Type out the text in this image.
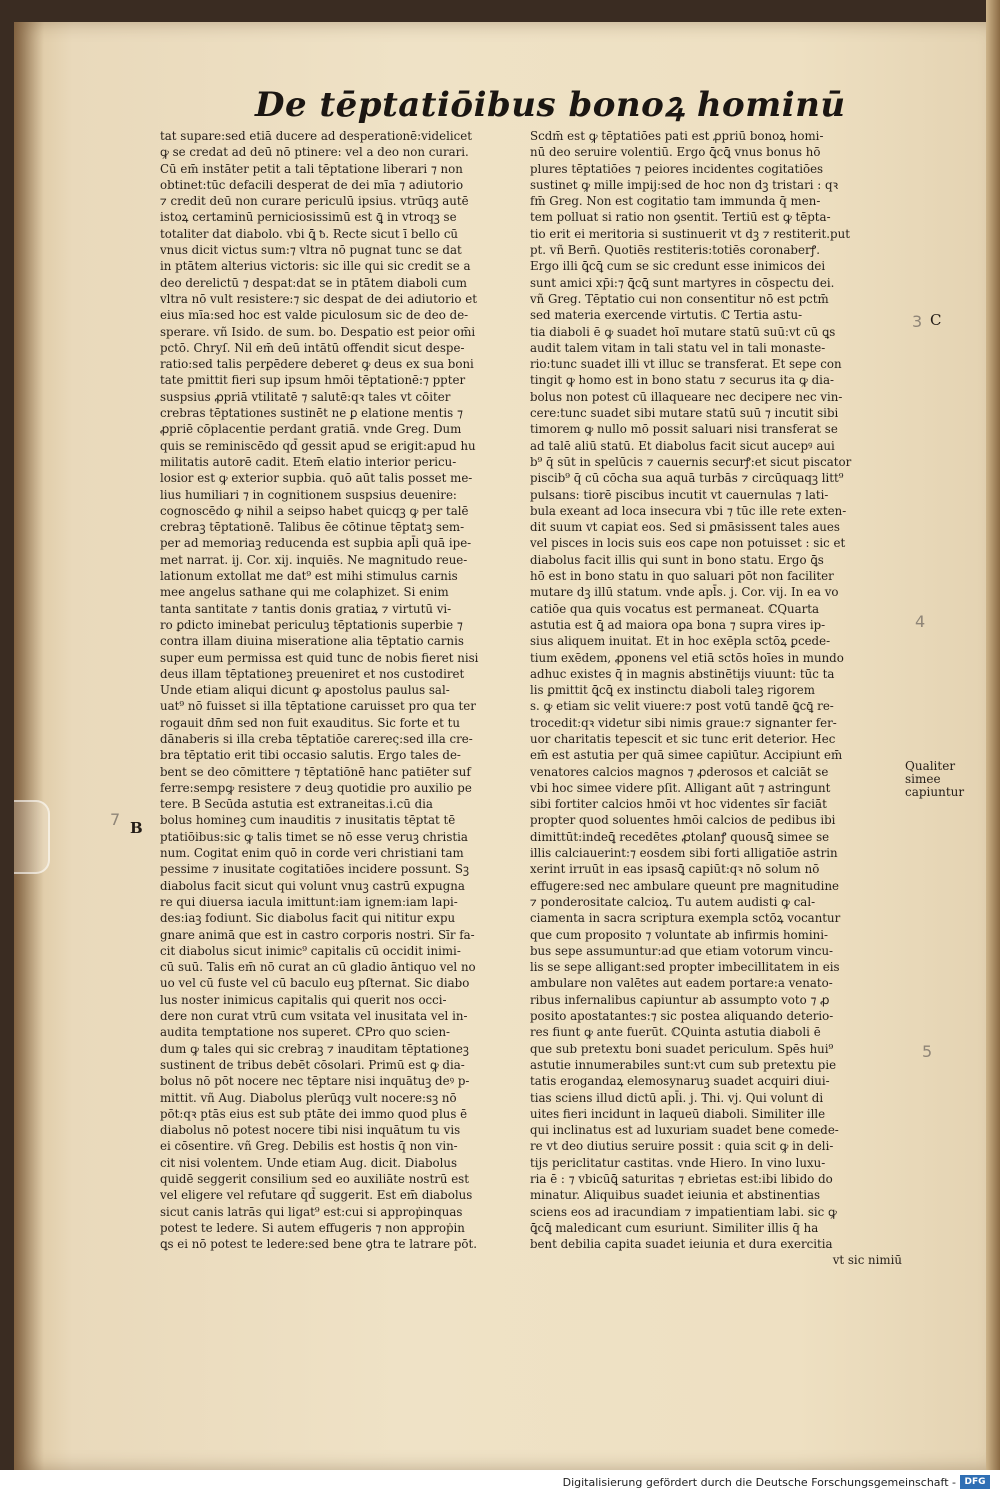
De tēptatiōibus bonoꝝ hominū
tat supare:sed etiā ducere ad desperationē:videlicet
ꝙ se credat ad deū nō ptinere: vel a deo non curari.
Cū em̄ instāter petit a tali tēptatione liberari ⁊ non
obtinet:tūc defacili desperat de dei mīa ⁊ adiutorio
⁊ credit deū non curare periculū ipsius. vtrūqꝫ autē
istoꝝ certaminū perniciosissimū est ꝗ̄ in vtroqꝫ se
totaliter dat diabolo. vbi ꝗ̄ ᵬ. Recte sicut ī bello cū
vnus dicit victus sum:⁊ vltra nō pugnat tunc se dat
in ptātem alterius victoris: sic ille qui sic credit se a
deo derelictū ⁊ despat:dat se in ptātem diaboli cum
vltra nō vult resistere:⁊ sic despat de dei adiutorio et
eius mīa:sed hoc est valde piculosum sic de deo de-
sperare. vñ Isido. de sum. bo. Desꝑatio est peior om̄i
pctō. Chryſ. Nil em̄ deū intātū offendit sicut despe-
ratio:sed talis perꝑēdere deberet ꝙ deus ex sua boni
tate pmittit fieri sup ipsum hmōi tēptationē:⁊ ppter
suspsius ꝓpriā vtilitatē ⁊ salutē:qꝛ tales vt cōiter
crebras tēptationes sustinēt ne ꝑ elatione mentis ⁊
ꝓpriē cōplacentie perdant gratiā. vnde Greg. Dum
quis se reminiscēdo qd̄ gessit apud se erigit:apud hu
militatis autorē cadit. Etem̄ elatio interior pericu-
losior est ꝙ exterior supbia. quō aūt talis posset me-
lius humiliari ⁊ in cognitionem suspsius deuenire:
cognoscēdo ꝙ nihil a seipso habet quicqꝫ ꝙ per talē
crebraꝫ tēptationē. Talibus ēe cōtinue tēptatꝫ sem-
per ad memoriaꝫ reducenda est supbia apl̄i quā ipe-
met narrat. ij. Cor. xij. inquiēs. Ne magnitudo reue-
lationum extollat me dat⁹ est mihi stimulus carnis
mee angelus sathane qui me colaphizet. Si enim
tanta santitate ⁊ tantis donis gratiaꝝ ⁊ virtutū vi-
ro ꝑdicto iminebat periculuꝫ tēptationis superbie ⁊
contra illam diuina miseratione alia tēptatio carnis
super eum permissa est quid tunc de nobis fieret nisi
deus illam tēptationeꝫ preueniret et nos custodiret
Unde etiam aliqui dicunt ꝙ apostolus paulus sal-
uat⁹ nō fuisset si illa tēptatione caruisset pro qua ter
rogauit dn̄m sed non fuit exauditus. Sic forte et tu
dānaberis si illa creba tēptatiōe carereς:sed illa cre-
bra tēptatio erit tibi occasio salutis. Ergo tales de-
bent se deo cōmittere ⁊ tēptatiōnē hanc patiēter suf
ferre:sempꝙ resistere ⁊ deuꝫ quotidie pro auxilio pe
tere. B Secūda astutia est extraneitas.i.cū dia
bolus homineꝫ cum inauditis ⁊ inusitatis tēptat tē
ptatiōibus:sic ꝙ talis timet se nō esse veruꝫ christia
num. Cogitat enim quō in corde veri christiani tam
pessime ⁊ inusitate cogitatiōes incidere possunt. Sꝫ
diabolus facit sicut qui volunt vnuꝫ castrū expugna
re qui diuersa iacula imittunt:iam ignem:iam lapi-
des:iaꝫ fodiunt. Sic diabolus facit qui nititur expu
gnare animā que est in castro corporis nostri. Sīr fa-
cit diabolus sicut inimic⁹ capitalis cū occidit inimi-
cū suū. Talis em̄ nō curat an cū gladio āntiquo vel no
uo vel cū fuste vel cū baculo euꝫ pſternat. Sic diabo
lus noster inimicus capitalis qui querit nos occi-
dere non curat vtrū cum vsitata vel inusitata vel in-
audita temptatione nos superet. ℂPro quo scien-
dum ꝙ tales qui sic crebraꝫ ⁊ inauditam tēptationeꝫ
sustinent de tribus debēt cōsolari. Primū est ꝙ dia-
bolus nō pōt nocere nec tēptare nisi inquātuꝫ deꝰ p-
mittit. vñ Aug. Diabolus plerūqꝫ vult nocere:sꝫ nō
pōt:qꝛ ptās eius est sub ptāte dei immo quod plus ē
diabolus nō potest nocere tibi nisi inquātum tu vis
ei cōsentire. vñ Greg. Debilis est hostis q̄ non vin-
cit nisi volentem. Unde etiam Aug. dicit. Diabolus
quidē seggerit consilium sed eo auxiliāte nostrū est
vel eligere vel refutare qd̄ suggerit. Est em̄ diabolus
sicut canis latrās qui ligat⁹ est:cui si approṗinquas
potest te ledere. Si autem effugeris ⁊ non approṗin
ꝗs ei nō potest te ledere:sed bene ꝯtra te latrare pōt.
Scdm̄ est ꝙ tēptatiōes pati est ꝓpriū bonoꝝ homi-
nū deo seruire volentiū. Ergo ꝗ̄cꝗ̄ vnus bonus hō
plures tēptatiōes ⁊ peiores incidentes cogitatiōes
sustinet ꝙ mille impij:sed de hoc non dꝫ tristari : qꝛ
fm̄ Greg. Non est cogitatio tam immunda q̄ men-
tem polluat si ratio non ꝯsentit. Tertiū est ꝙ tēpta-
tio erit ei meritoria si sustinuerit vt dꝫ ⁊ restiterit.put
pt. vñ Bern̄. Quotiēs restiteris:totiēs coronaberꝭ.
Ergo illi ꝗ̄cꝗ̄ cum se sic credunt esse inimicos dei
sunt amici xp̄i:⁊ ꝗ̄cꝗ̄ sunt martyres in cōspectu dei.
vñ Greg. Tēptatio cui non consentitur nō est pctm̄
sed materia exercende virtutis. ℂ Tertia astu-
tia diaboli ē ꝙ suadet hoī mutare statū suū:vt cū ꝗs
audit talem vitam in tali statu vel in tali monaste-
rio:tunc suadet illi vt illuc se transferat. Et sepe con
tingit ꝙ homo est in bono statu ⁊ securus ita ꝙ dia-
bolus non potest cū illaqueare nec decipere nec vin-
cere:tunc suadet sibi mutare statū suū ⁊ incutit sibi
timorem ꝙ nullo mō possit saluari nisi transferat se
ad talē aliū statū. Et diabolus facit sicut aucepꝰ aui
b⁹ q̄ sūt in spelūcis ⁊ cauernis securꝭ:et sicut piscator
piscib⁹ q̄ cū cōcha sua aquā turbās ⁊ circūquaqꝫ litt⁹
pulsans: tiorē piscibus incutit vt cauernulas ⁊ lati-
bula exeant ad loca insecura vbi ⁊ tūc ille rete exten-
dit suum vt capiat eos. Sed si ꝑmāsissent tales aues
vel pisces in locis suis eos cape non potuisset : sic et
diabolus facit illis qui sunt in bono statu. Ergo ꝗ̄s
hō est in bono statu in quo saluari pōt non faciliter
mutare dꝫ illū statum. vnde apl̄s. j. Cor. vij. In ea vo
catiōe qua quis vocatus est permaneat. ℂQuarta
astutia est ꝗ̄ ad maiora oꝑa bona ⁊ supra vires ip-
sius aliquem inuitat. Et in hoc exēpla sctōꝝ ꝑcede-
tium exēdem, ꝓponens vel etiā sctōs hoīes in mundo
adhuc existes q̄ in magnis abstinētijs viuunt: tūc ta
lis ꝑmittit ꝗ̄cꝗ̄ ex instinctu diaboli taleꝫ rigorem
s. ꝙ etiam sic velit viuere:⁊ post votū tandē ꝗ̄cꝗ̄ re-
trocedit:qꝛ videtur sibi nimis graue:⁊ signanter fer-
uor charitatis tepescit et sic tunc erit deterior. Hec
em̄ est astutia per quā simee capiūtur. Accipiunt em̄
venatores calcios magnos ⁊ ꝓderosos et calciāt se
vbi hoc simee videre pſit. Alligant aūt ⁊ astringunt
sibi fortiter calcios hmōi vt hoc videntes sīr faciāt
propter quod soluentes hmōi calcios de pedibus ibi
dimittūt:indeꝗ̄ recedētes ꝓtolanꝭ quousꝗ̄ simee se
illis calciauerint:⁊ eosdem sibi forti alligatiōe astrin
xerint irruūt in eas ipsasꝗ̄ capiūt:qꝛ nō solum nō
effugere:sed nec ambulare queunt pre magnitudine
⁊ ponderositate calcioꝝ. Tu autem audisti ꝙ cal-
ciamenta in sacra scriptura exempla sctōꝝ vocantur
que cum proposito ⁊ voluntate ab infirmis homini-
bus sepe assumuntur:ad que etiam votorum vincu-
lis se sepe alligant:sed propter imbecillitatem in eis
ambulare non valētes aut eadem portare:a venato-
ribus infernalibus capiuntur ab assumpto voto ⁊ ꝓ
posito apostatantes:⁊ sic postea aliquando deterio-
res fiunt ꝙ ante fuerūt. ℂQuinta astutia diaboli ē
que sub pretextu boni suadet periculum. Spēs hui⁹
astutie innumerabiles sunt:vt cum sub pretextu pie
tatis erogandaꝝ elemosynaruꝫ suadet acquiri diui-
tias sciens illud dictū apl̄i. j. Thi. vj. Qui volunt di
uites fieri incidunt in laqueū diaboli. Similiter ille
qui inclinatus est ad luxuriam suadet bene comede-
re vt deo diutius seruire possit : quia scit ꝙ in deli-
tijs periclitatur castitas. vnde Hiero. In vino luxu-
ria ē : ⁊ vbicūꝗ̄ saturitas ⁊ ebrietas est:ibi libido do
minatur. Aliquibus suadet ieiunia et abstinentias
sciens eos ad iracundiam ⁊ impatientiam labi. sic ꝙ
ꝗ̄cꝗ̄ maledicant cum esuriunt. Similiter illis q̄ ha
bent debilia capita suadet ieiunia et dura exercitia
vt sic nimiū
Qualiter simee capiuntur
C
B
3
4
5
7
Digitalisierung gefördert durch die Deutsche Forschungsgemeinschaft - DFG
